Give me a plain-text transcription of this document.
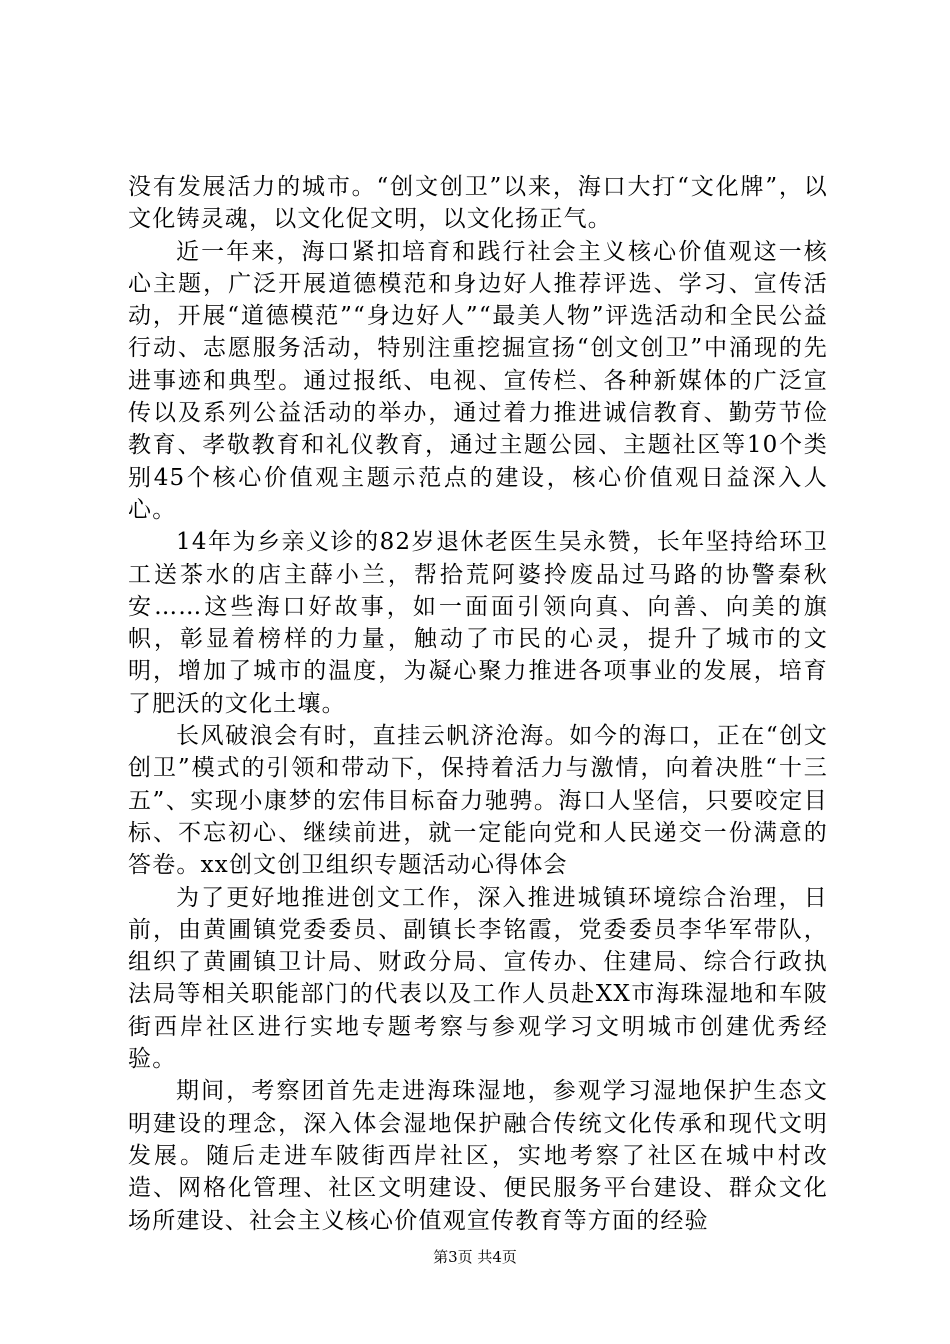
没有发展活力的城市。“创文创卫”以来，海口大打“文化牌”，以文化铸灵魂，以文化促文明，以文化扬正气。

近一年来，海口紧扣培育和践行社会主义核心价值观这一核心主题，广泛开展道德模范和身边好人推荐评选、学习、宣传活动，开展“道德模范”“身边好人”“最美人物”评选活动和全民公益行动、志愿服务活动，特别注重挖掘宣扬“创文创卫”中涌现的先进事迹和典型。通过报纸、电视、宣传栏、各种新媒体的广泛宣传以及系列公益活动的举办，通过着力推进诚信教育、勤劳节俭教育、孝敬教育和礼仪教育，通过主题公园、主题社区等10个类别45个核心价值观主题示范点的建设，核心价值观日益深入人心。

14年为乡亲义诊的82岁退休老医生吴永赞，长年坚持给环卫工送茶水的店主薛小兰，帮拾荒阿婆拎废品过马路的协警秦秋安……这些海口好故事，如一面面引领向真、向善、向美的旗帜，彰显着榜样的力量，触动了市民的心灵，提升了城市的文明，增加了城市的温度，为凝心聚力推进各项事业的发展，培育了肥沃的文化土壤。

长风破浪会有时，直挂云帆济沧海。如今的海口，正在“创文创卫”模式的引领和带动下，保持着活力与激情，向着决胜“十三五”、实现小康梦的宏伟目标奋力驰骋。海口人坚信，只要咬定目标、不忘初心、继续前进，就一定能向党和人民递交一份满意的答卷。xx创文创卫组织专题活动心得体会

为了更好地推进创文工作，深入推进城镇环境综合治理，日前，由黄圃镇党委委员、副镇长李铭霞，党委委员李华军带队，组织了黄圃镇卫计局、财政分局、宣传办、住建局、综合行政执法局等相关职能部门的代表以及工作人员赴XX市海珠湿地和车陂街西岸社区进行实地专题考察与参观学习文明城市创建优秀经验。

期间，考察团首先走进海珠湿地，参观学习湿地保护生态文明建设的理念，深入体会湿地保护融合传统文化传承和现代文明发展。随后走进车陂街西岸社区，实地考察了社区在城中村改造、网格化管理、社区文明建设、便民服务平台建设、群众文化场所建设、社会主义核心价值观宣传教育等方面的经验

第3页 共4页
